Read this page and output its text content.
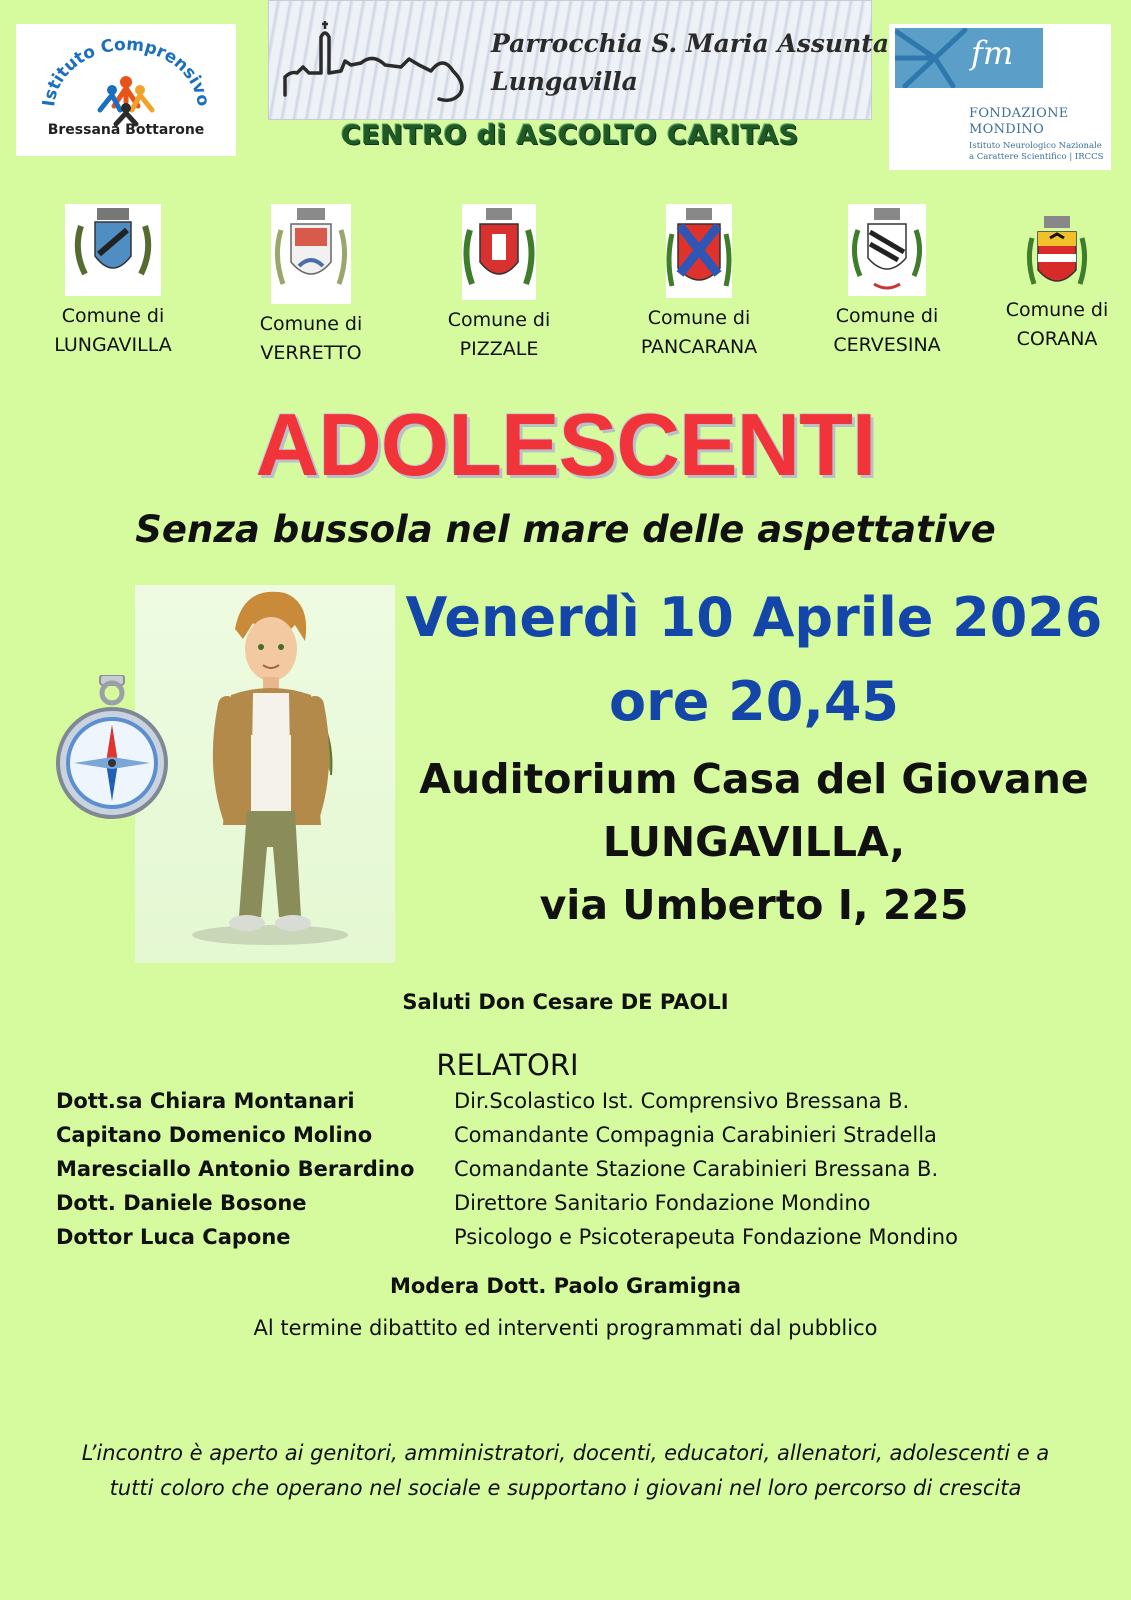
Istituto Comprensivo
Bressana Bottarone
Parrocchia S. Maria Assunta
Lungavilla
CENTRO di ASCOLTO CARITAS
fm
FONDAZIONE
MONDINO
Istituto Neurologico Nazionale
a Carattere Scientifico | IRCCS
Comune di
LUNGAVILLA
Comune di
VERRETTO
Comune di
PIZZALE
Comune di
PANCARANA
Comune di
CERVESINA
Comune di
CORANA
ADOLESCENTI
Senza bussola nel mare delle aspettative
Venerdì 10 Aprile 2026
ore 20,45
Auditorium Casa del Giovane
LUNGAVILLA,
via Umberto I, 225
Saluti Don Cesare DE PAOLI
RELATORI
Dott.sa Chiara Montanari	Dir.Scolastico Ist. Comprensivo Bressana B.
Capitano Domenico Molino	Comandante Compagnia Carabinieri Stradella
Maresciallo Antonio Berardino Comandante Stazione Carabinieri Bressana B.
Dott. Daniele Bosone	Direttore Sanitario Fondazione Mondino
Dottor Luca Capone	Psicologo e Psicoterapeuta Fondazione Mondino
Modera Dott. Paolo Gramigna
Al termine dibattito ed interventi programmati dal pubblico
L’incontro è aperto ai genitori, amministratori, docenti, educatori, allenatori, adolescenti e a
tutti coloro che operano nel sociale e supportano i giovani nel loro percorso di crescita
